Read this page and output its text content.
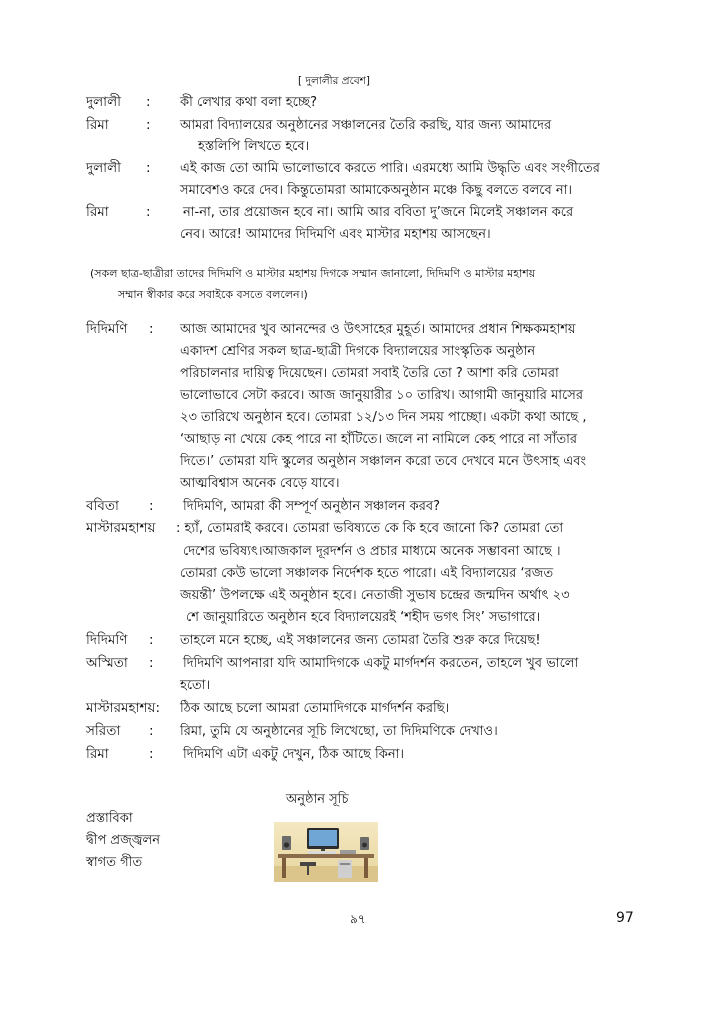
[ দুলালীর প্রবেশ]
দুলালী : কী লেখার কথা বলা হচ্ছে?
রিমা	: আমরা বিদ্যালয়ের অনুষ্ঠানের সঞ্চালনের তৈরি করছি, যার জন্য আমাদের
হস্তলিপি লিখতে হবে।
দুলালী : এই কাজ তো আমি ভালোভাবে করতে পারি। এরমধ্যে আমি উদ্ধৃতি এবং সংগীতের
সমাবেশও করে দেব। কিন্তুতোমরা আমাকেঅনুষ্ঠান মঞ্চে কিছু বলতে বলবে না।
রিমা	: না-না, তার প্রয়োজন হবে না। আমি আর ববিতা দু’জনে মিলেই সঞ্চালন করে
নেব। আরে! আমাদের দিদিমণি এবং মাস্টার মহাশয় আসছেন।
(সকল ছাত্র-ছাত্রীরা তাদের দিদিমণি ও মাস্টার মহাশয় দিগকে সম্মান জানালো, দিদিমণি ও মাস্টার মহাশয়
সম্মান স্বীকার করে সবাইকে বসতে বললেন।)
দিদিমণি : আজ আমাদের খুব আনন্দের ও উৎসাহের মুহূর্ত। আমাদের প্রধান শিক্ষকমহাশয়
একাদশ শ্রেণির সকল ছাত্র-ছাত্রী দিগকে বিদ্যালয়ের সাংস্কৃতিক অনুষ্ঠান
পরিচালনার দায়িত্ব দিয়েছেন। তোমরা সবাই তৈরি তো ? আশা করি তোমরা
ভালোভাবে সেটা করবে। আজ জানুয়ারীর ১০ তারিখ। আগামী জানুয়ারি মাসের
২৩ তারিখে অনুষ্ঠান হবে। তোমরা ১২/১৩ দিন সময় পাচ্ছো। একটা কথা আছে ,
‘আছাড় না খেয়ে কেহ পারে না হাঁটিতে। জলে না নামিলে কেহ পারে না সাঁতার
দিতে।’ তোমরা যদি স্কুলের অনুষ্ঠান সঞ্চালন করো তবে দেখবে মনে উৎসাহ এবং
আত্মবিশ্বাস অনেক বেড়ে যাবে।
ববিতা : দিদিমণি, আমরা কী সম্পূর্ণ অনুষ্ঠান সঞ্চালন করব?
মাস্টারমহাশয় : হ্যাঁ, তোমরাই করবে। তোমরা ভবিষ্যতে কে কি হবে জানো কি? তোমরা তো
দেশের ভবিষ্যৎ।আজকাল দূরদর্শন ও প্রচার মাধ্যমে অনেক সম্ভাবনা আছে ।
তোমরা কেউ ভালো সঞ্চালক নির্দেশক হতে পারো। এই বিদ্যালয়ের ‘রজত
জয়ন্তী’ উপলক্ষে এই অনুষ্ঠান হবে। নেতাজী সুভাষ চন্দ্রের জন্মদিন অর্থাৎ ২৩
শে জানুয়ারিতে অনুষ্ঠান হবে বিদ্যালয়েরই ‘শহীদ ভগৎ সিং’ সভাগারে।
দিদিমণি : তাহলে মনে হচ্ছে, এই সঞ্চালনের জন্য তোমরা তৈরি শুরু করে দিয়েছ!
অস্মিতা : দিদিমণি আপনারা যদি আমাদিগকে একটু মার্গদর্শন করতেন, তাহলে খুব ভালো
হতো।
মাস্টারমহাশয়: ঠিক আছে চলো আমরা তোমাদিগকে মার্গদর্শন করছি।
সরিতা : রিমা, তুমি যে অনুষ্ঠানের সূচি লিখেছো, তা দিদিমণিকে দেখাও।
রিমা	: দিদিমণি এটা একটু দেখুন, ঠিক আছে কিনা।
অনুষ্ঠান সূচি
প্রস্তাবিকা
দ্বীপ প্রজ্জ্বলন
স্বাগত গীত
৯৭	97
